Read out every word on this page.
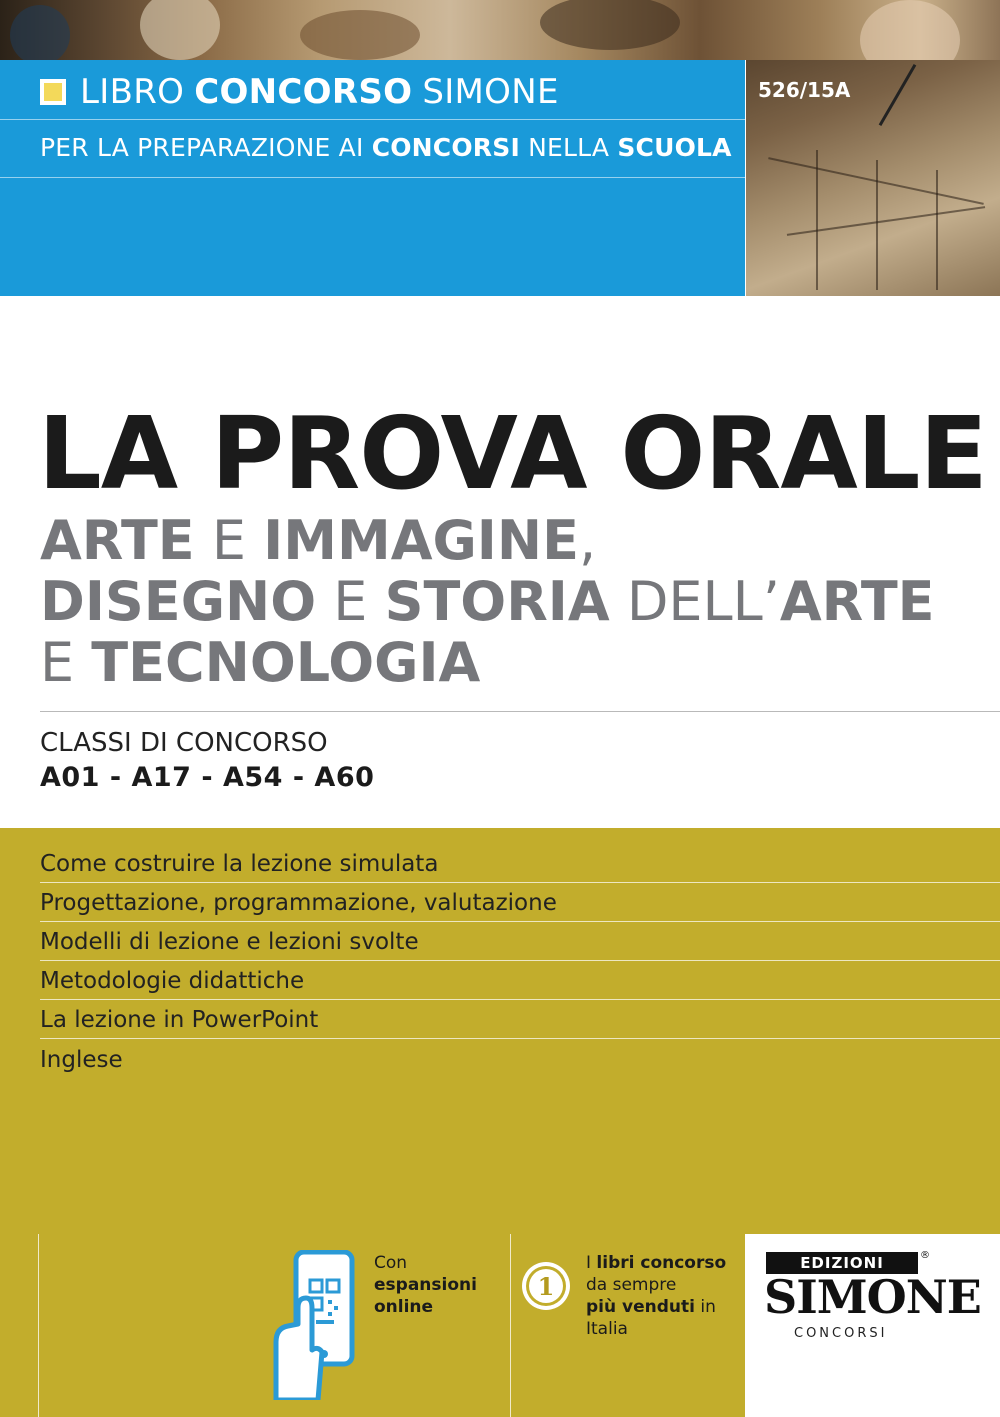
LIBRO CONCORSO SIMONE
PER LA PREPARAZIONE AI CONCORSI NELLA SCUOLA
526/15A
LA PROVA ORALE
ARTE E IMMAGINE,
DISEGNO E STORIA DELL’ARTE
E TECNOLOGIA
CLASSI DI CONCORSO
A01 - A17 - A54 - A60
Come costruire la lezione simulata
Progettazione, programmazione, valutazione
Modelli di lezione e lezioni svolte
Metodologie didattiche
La lezione in PowerPoint
Inglese
Con
espansioni
online
1
I libri concorso
da sempre
più venduti in
Italia
EDIZIONI	®
SIMONE
CONCORSI
